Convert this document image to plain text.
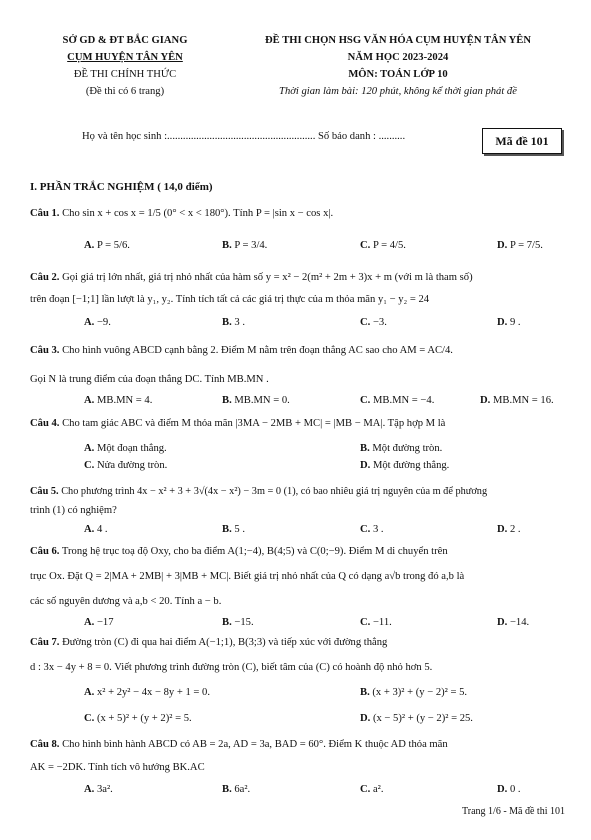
SỞ GD & ĐT BẮC GIANG
CỤM HUYỆN TÂN YÊN
ĐỀ THI CHÍNH THỨC
(Đề thi có 6 trang)
ĐỀ THI CHỌN HSG VĂN HÓA CỤM HUYỆN TÂN YÊN
NĂM HỌC 2023-2024
MÔN: TOÁN LỚP 10
Thời gian làm bài: 120 phút, không kể thời gian phát đề
Họ và tên học sinh :........................................................ Số báo danh : ..........	Mã đề 101
I. PHẦN TRẮC NGHIỆM ( 14,0 điểm)
Câu 1. Cho sin x + cos x = 1/5 (0° < x < 180°). Tính P = |sin x − cos x|.
A. P = 5/6.	B. P = 3/4.	C. P = 4/5.	D. P = 7/5.
Câu 2. Gọi giá trị lớn nhất, giá trị nhỏ nhất của hàm số y = x² − 2(m² + 2m + 3)x + m (với m là tham số)
trên đoạn [−1;1] lần lượt là y₁, y₂. Tính tích tất cả các giá trị thực của m thỏa mãn y₁ − y₂ = 24
A. −9.	B. 3 .	C. −3.	D. 9 .
Câu 3. Cho hình vuông ABCD cạnh bằng 2. Điểm M nằm trên đoạn thẳng AC sao cho AM = AC/4.
Gọi N là trung điểm của đoạn thẳng DC. Tính MB.MN .
A. MB.MN = 4.	B. MB.MN = 0.	C. MB.MN = −4.	D. MB.MN = 16.
Câu 4. Cho tam giác ABC và điểm M thỏa mãn |3MA − 2MB + MC| = |MB − MA|. Tập hợp M là
A. Một đoạn thẳng.	B. Một đường tròn.
C. Nửa đường tròn.	D. Một đường thẳng.
Câu 5. Cho phương trình 4x − x² + 3 + 3√(4x − x²) − 3m = 0 (1), có bao nhiêu giá trị nguyên của m để phương
trình (1) có nghiệm?
A. 4 .	B. 5 .	C. 3 .	D. 2 .
Câu 6. Trong hệ trục toạ độ Oxy, cho ba điểm A(1;−4), B(4;5) và C(0;−9). Điểm M di chuyển trên
trục Ox. Đặt Q = 2|MA + 2MB| + 3|MB + MC|. Biết giá trị nhỏ nhất của Q có dạng a√b trong đó a,b là
các số nguyên dương và a,b < 20. Tính a − b.
A. −17	B. −15.	C. −11.	D. −14.
Câu 7. Đường tròn (C) đi qua hai điểm A(−1;1), B(3;3) và tiếp xúc với đường thẳng
d : 3x − 4y + 8 = 0. Viết phương trình đường tròn (C), biết tâm của (C) có hoành độ nhỏ hơn 5.
A. x² + 2y² − 4x − 8y + 1 = 0.	B. (x + 3)² + (y − 2)² = 5.
C. (x + 5)² + (y + 2)² = 5.	D. (x − 5)² + (y − 2)² = 25.
Câu 8. Cho hình bình hành ABCD có AB = 2a, AD = 3a, BAD = 60°. Điểm K thuộc AD thỏa mãn
AK = −2DK. Tính tích vô hướng BK.AC
A. 3a².	B. 6a².	C. a².	D. 0 .
Trang 1/6 - Mã đề thi 101
